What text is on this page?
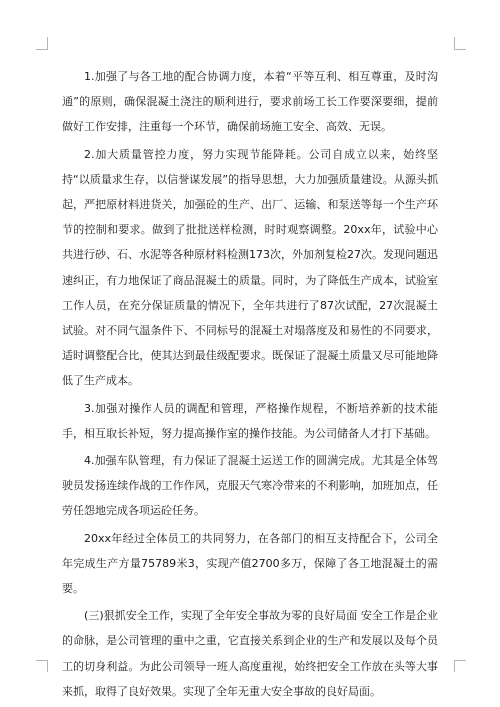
1.加强了与各工地的配合协调力度，本着“平等互利、相互尊重，及时沟通”的原则，确保混凝土浇注的顺利进行，要求前场工长工作要深要细，提前做好工作安排，注重每一个环节，确保前场施工安全、高效、无误。

2.加大质量管控力度，努力实现节能降耗。公司自成立以来，始终坚持“以质量求生存，以信誉谋发展”的指导思想，大力加强质量建设。从源头抓起，严把原材料进货关，加强砼的生产、出厂、运输、和泵送等每一个生产环节的控制和要求。做到了批批送样检测，时时观察调整。20xx年，试验中心共进行砂、石、水泥等各种原材料检测173次，外加剂复检27次。发现问题迅速纠正，有力地保证了商品混凝土的质量。同时，为了降低生产成本，试验室工作人员，在充分保证质量的情况下，全年共进行了87次试配，27次混凝土试验。对不同气温条件下、不同标号的混凝土对塌落度及和易性的不同要求，适时调整配合比，使其达到最佳级配要求。既保证了混凝土质量又尽可能地降低了生产成本。

3.加强对操作人员的调配和管理，严格操作规程，不断培养新的技术能手，相互取长补短，努力提高操作室的操作技能。为公司储备人才打下基础。

4.加强车队管理，有力保证了混凝土运送工作的圆满完成。尤其是全体驾驶员发扬连续作战的工作作风，克服天气寒冷带来的不利影响，加班加点，任劳任怨地完成各项运砼任务。

20xx年经过全体员工的共同努力，在各部门的相互支持配合下，公司全年完成生产方量75789米3，实现产值2700多万，保障了各工地混凝土的需要。

(三)狠抓安全工作，实现了全年安全事故为零的良好局面 安全工作是企业的命脉，是公司管理的重中之重，它直接关系到企业的生产和发展以及每个员工的切身利益。为此公司领导一班人高度重视，始终把安全工作放在头等大事来抓，取得了良好效果。实现了全年无重大安全事故的良好局面。
